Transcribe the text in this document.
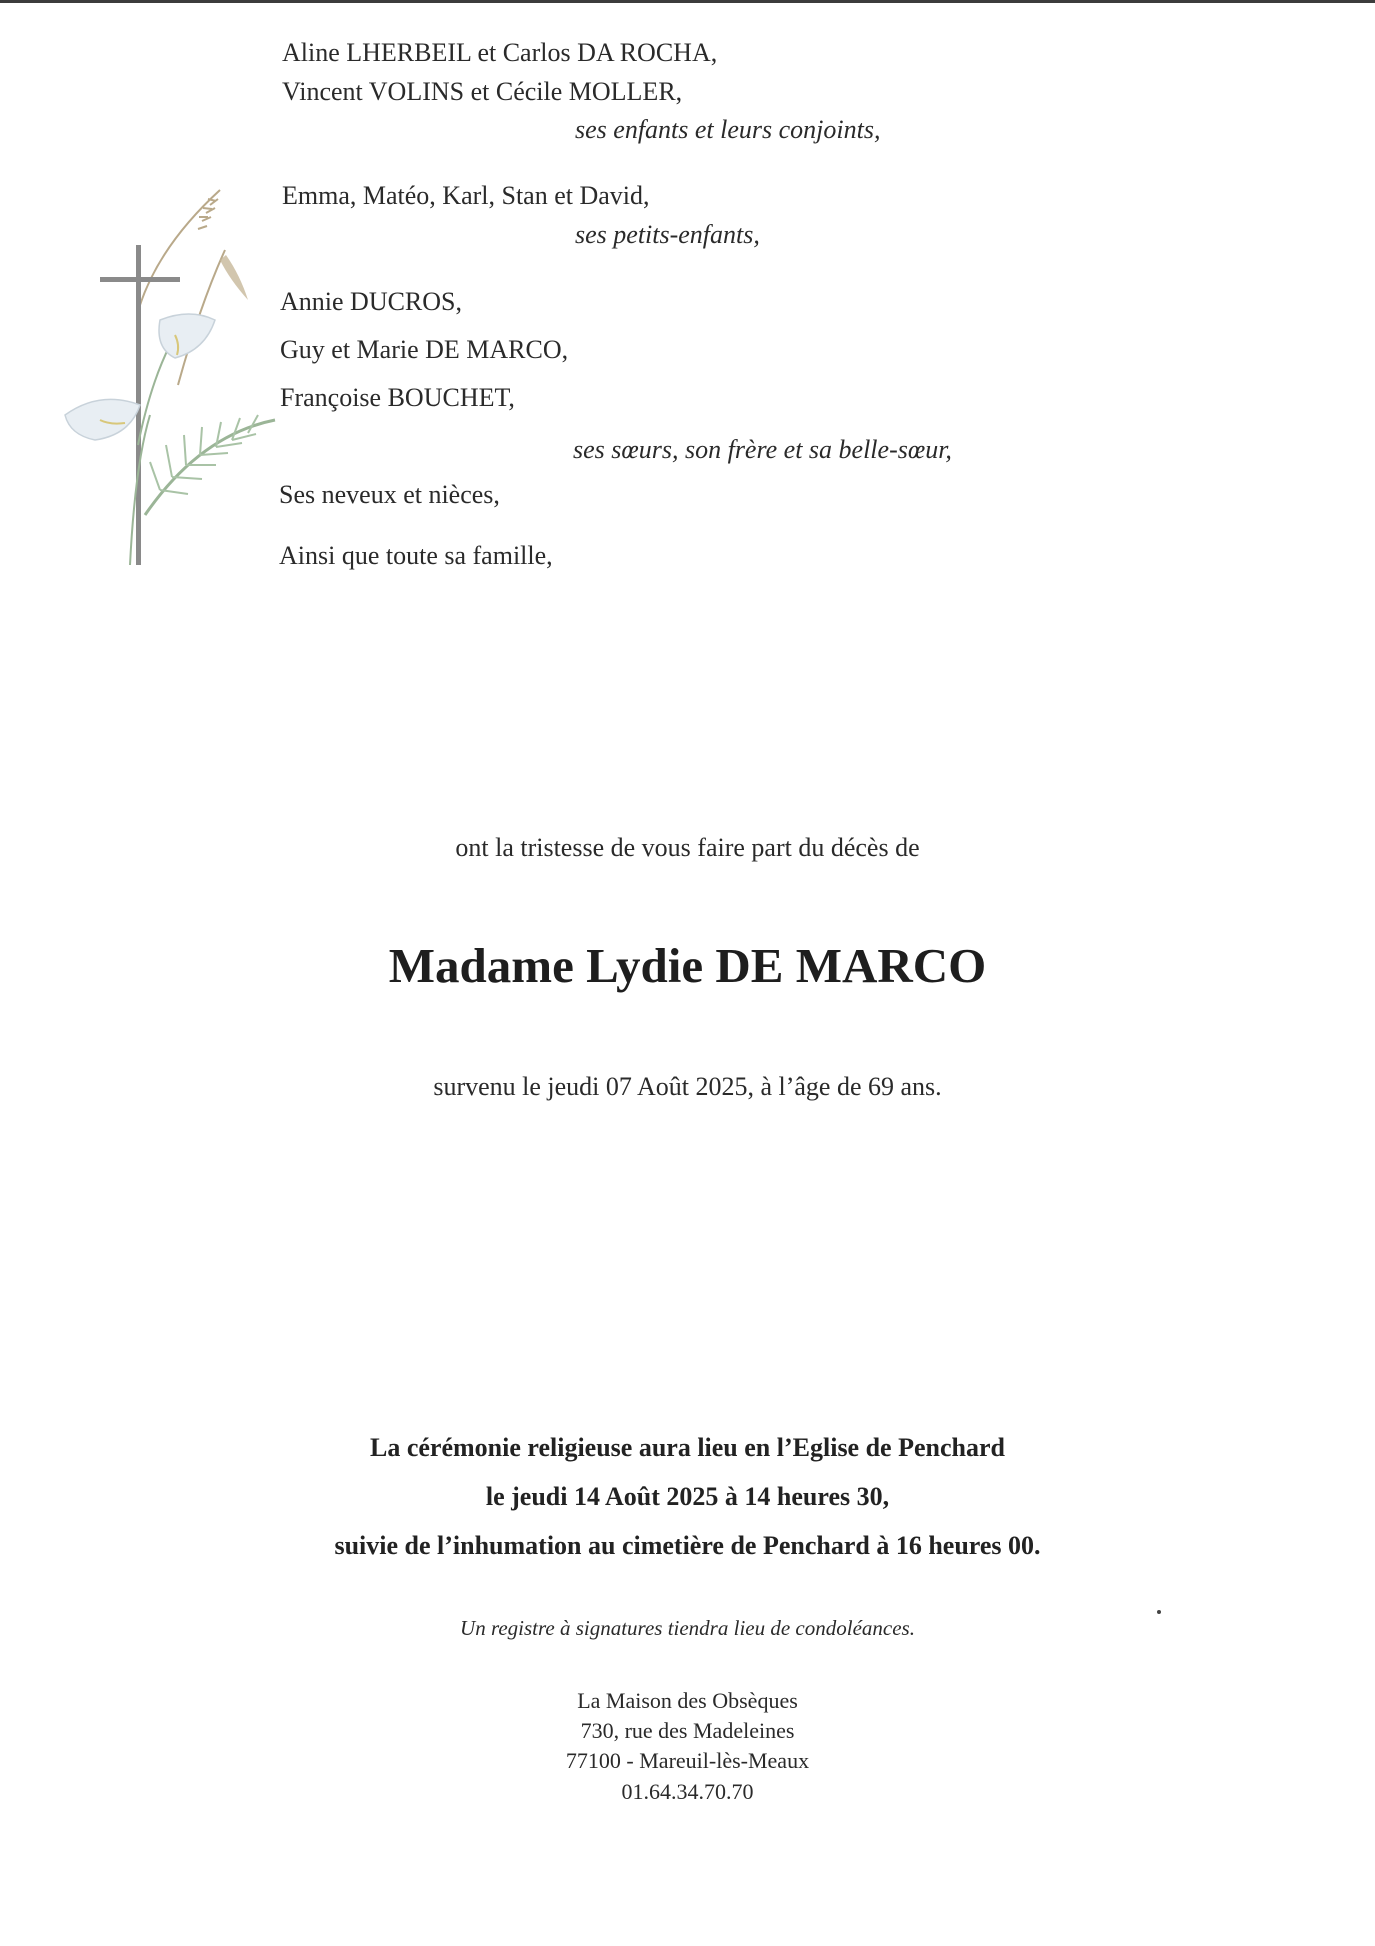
Aline LHERBEIL et Carlos DA ROCHA,
Vincent VOLINS et Cécile MOLLER,
ses enfants et leurs conjoints,
Emma, Matéo, Karl, Stan et David,
ses petits-enfants,
Annie DUCROS,
Guy et Marie DE MARCO,
Françoise BOUCHET,
ses sœurs, son frère et sa belle-sœur,
Ses neveux et nièces,
Ainsi que toute sa famille,
ont la tristesse de vous faire part du décès de
Madame Lydie DE MARCO
survenu le jeudi 07 Août 2025, à l’âge de 69 ans.
La cérémonie religieuse aura lieu en l’Eglise de Penchard
le jeudi 14 Août 2025 à 14 heures 30,
suivie de l’inhumation au cimetière de Penchard à 16 heures 00.
Un registre à signatures tiendra lieu de condoléances.
La Maison des Obsèques
730, rue des Madeleines
77100 - Mareuil-lès-Meaux
01.64.34.70.70
